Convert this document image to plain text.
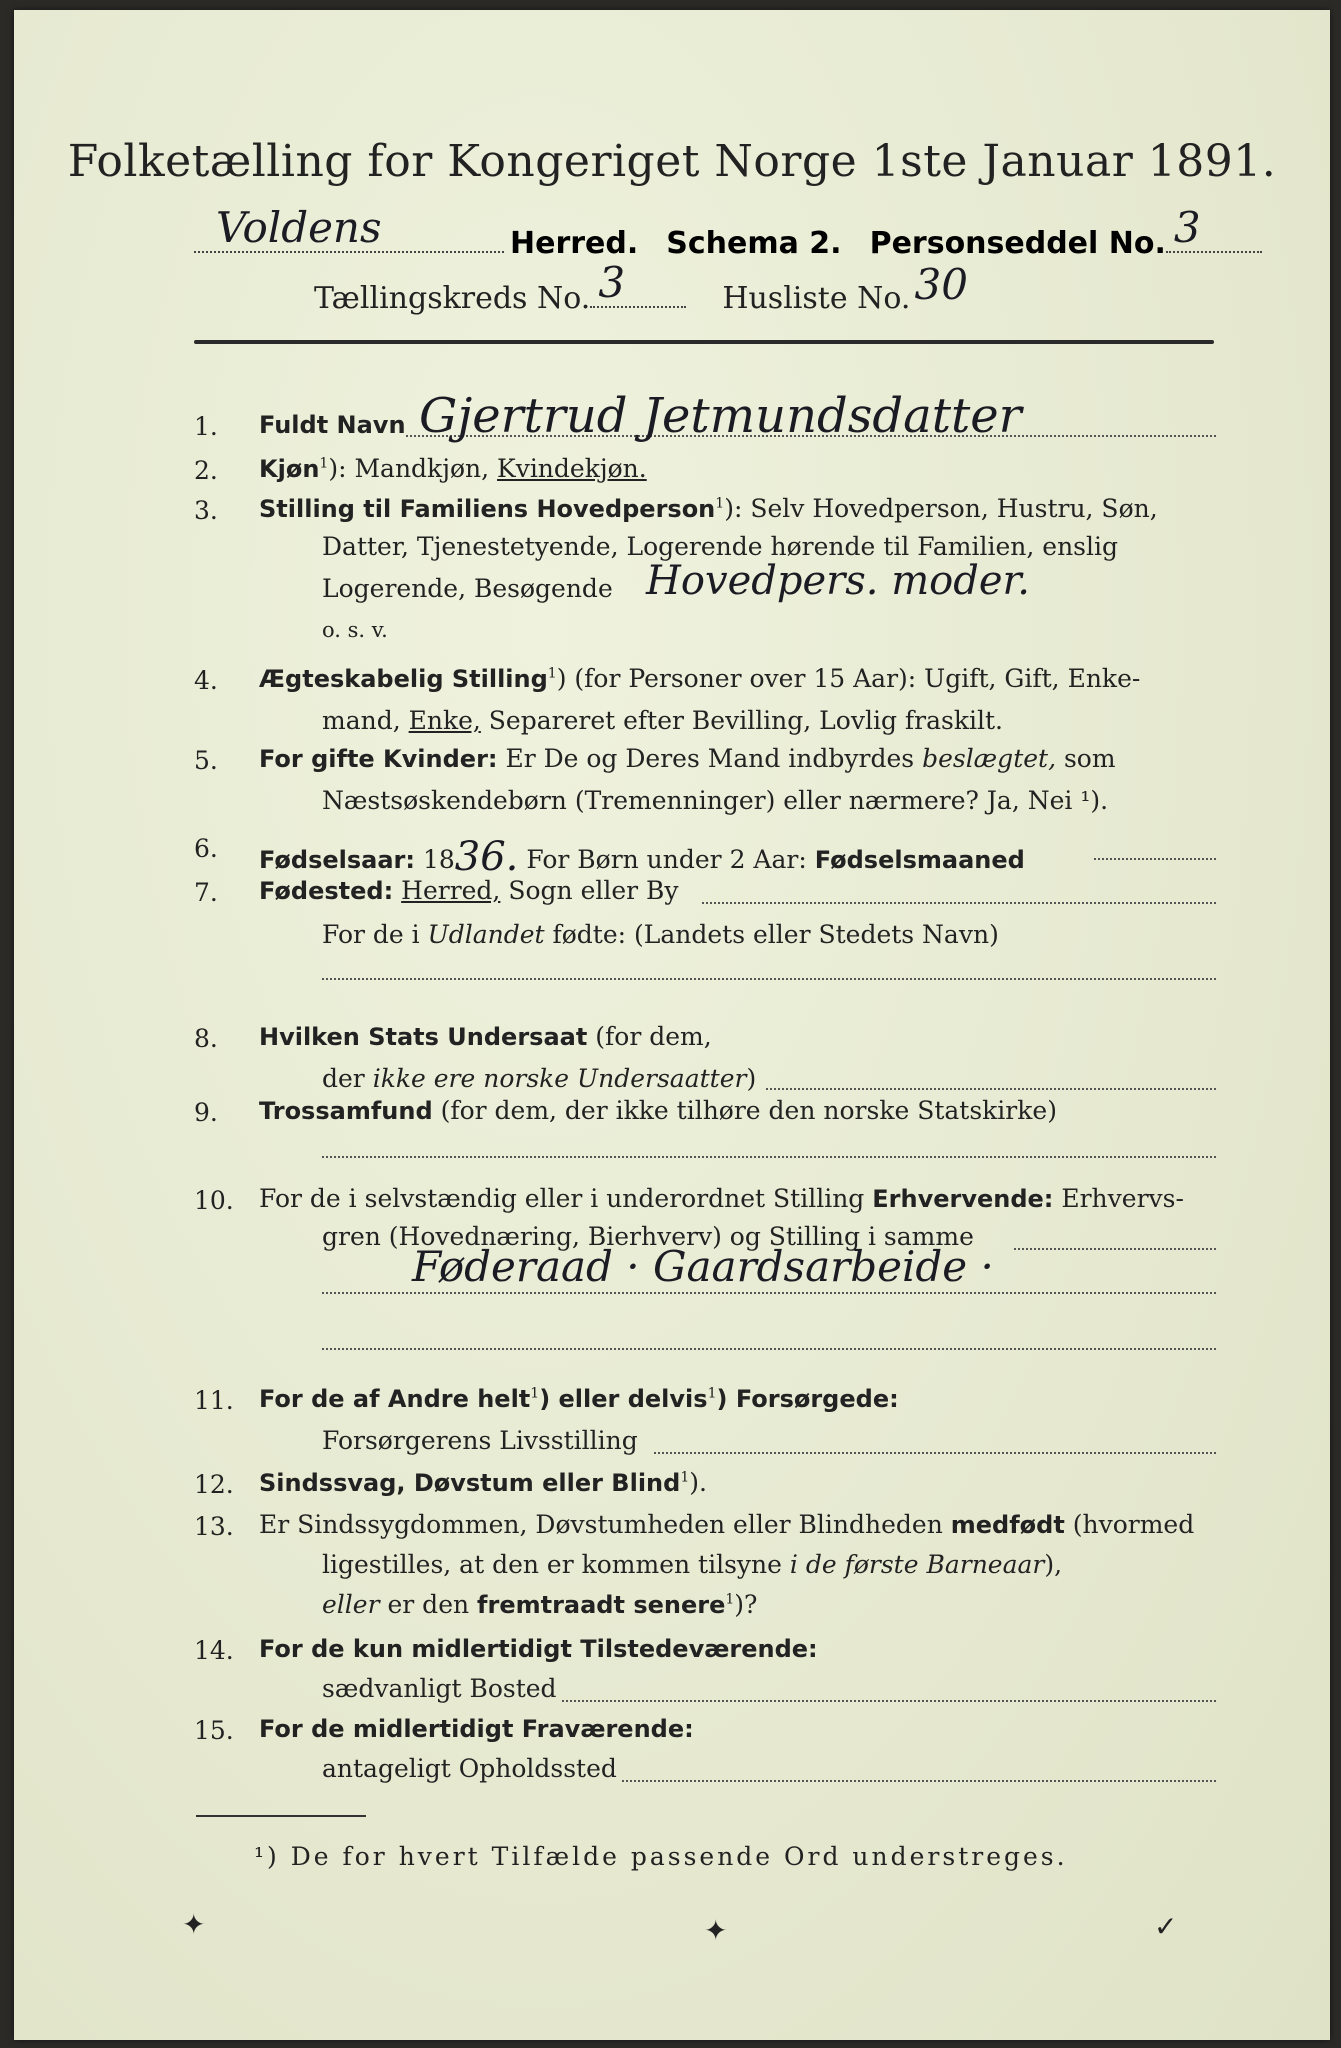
Folketælling for Kongeriget Norge 1ste Januar 1891.
Voldens	Herred. Schema 2. Personseddel No. 3
Tællingskreds No. 3	Husliste No. 30
1.	Fuldt Navn Gjertrud Jetmundsdatter
2.	Kjøn$^1$): Mandkjøn, Kvindekjøn.
3.	Stilling til Familiens Hovedperson$^1$): Selv Hovedperson, Hustru, Søn,
Datter, Tjenestetyende, Logerende hørende til Familien, enslig
Logerende, Besøgende Hovedpers. moder.
o. s. v.
4.	Ægteskabelig Stilling$^1$) (for Personer over 15 Aar): Ugift, Gift, Enke-
mand, Enke, Separeret efter Bevilling, Lovlig fraskilt.
5.	For gifte Kvinder: Er De og Deres Mand indbyrdes beslægtet, som
Næstsøskendebørn (Tremenninger) eller nærmere? Ja, Nei ¹).
6.	Fødselsaar: 1836. For Børn under 2 Aar: Fødselsmaaned
7.	Fødested: Herred, Sogn eller By
For de i Udlandet fødte: (Landets eller Stedets Navn)
8.	Hvilken Stats Undersaat (for dem,
der ikke ere norske Undersaatter)
9.	Trossamfund (for dem, der ikke tilhøre den norske Statskirke)
10.	For de i selvstændig eller i underordnet Stilling Erhvervende: Erhvervs-
gren (Hovednæring, Bierhverv) og Stilling i samme
Føderaad · Gaardsarbeide ·
11.	For de af Andre helt$^1$) eller delvis$^1$) Forsørgede:
Forsørgerens Livsstilling
12.	Sindssvag, Døvstum eller Blind$^1$).
13.	Er Sindssygdommen, Døvstumheden eller Blindheden medfødt (hvormed
ligestilles, at den er kommen tilsyne i de første Barneaar),
eller er den fremtraadt senere$^1$)?
14.	For de kun midlertidigt Tilstedeværende:
sædvanligt Bosted
15.	For de midlertidigt Fraværende:
antageligt Opholdssted
¹) De for hvert Tilfælde passende Ord understreges.
✦	✦	✓
